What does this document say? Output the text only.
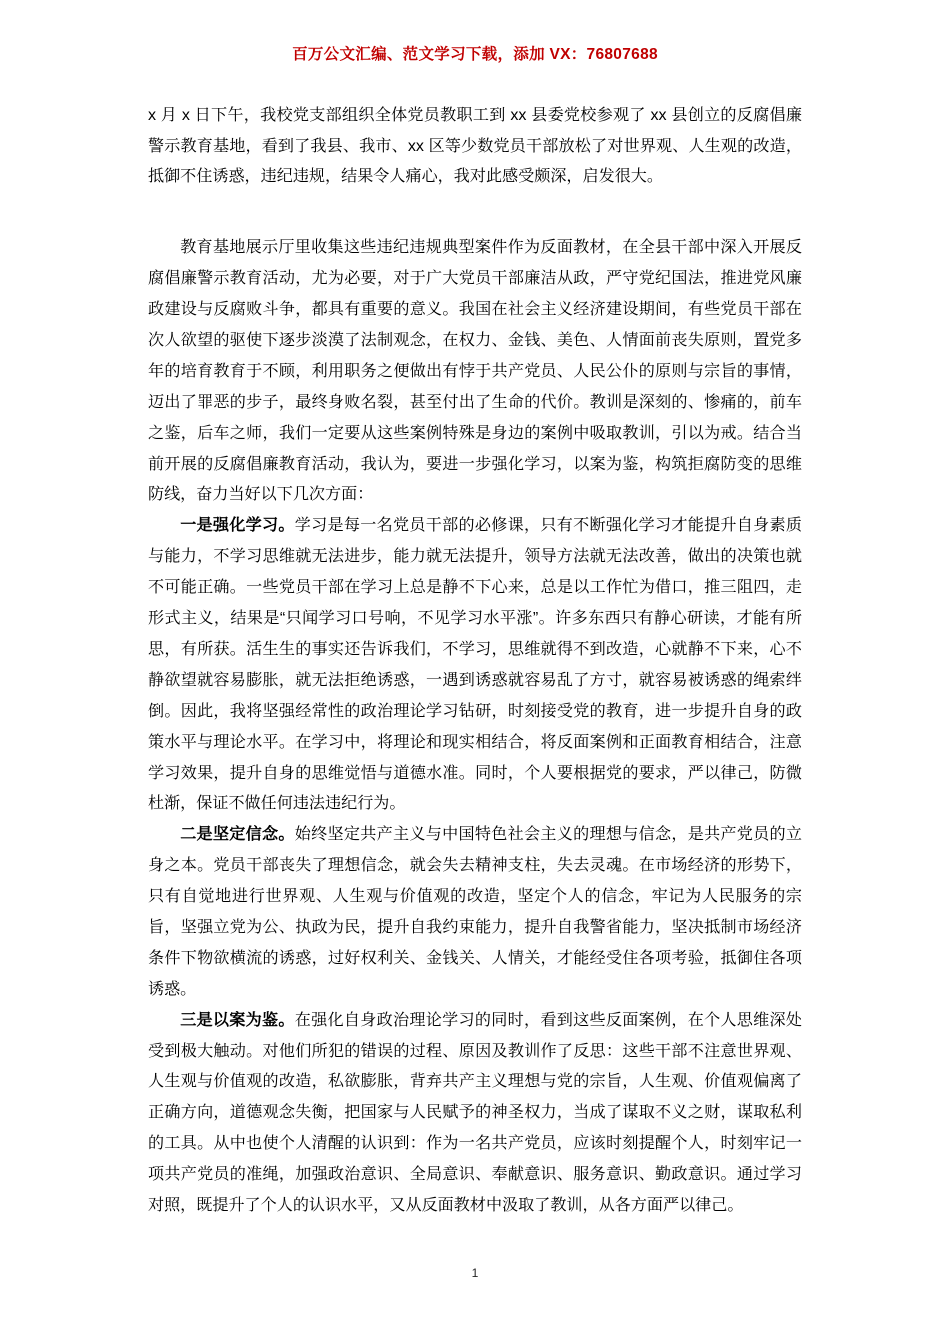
百万公文汇编、范文学习下载，添加 VX：76807688

x 月 x 日下午，我校党支部组织全体党员教职工到 xx 县委党校参观了 xx 县创立的反腐倡廉警示教育基地，看到了我县、我市、xx 区等少数党员干部放松了对世界观、人生观的改造，抵御不住诱惑，违纪违规，结果令人痛心，我对此感受颇深，启发很大。

教育基地展示厅里收集这些违纪违规典型案件作为反面教材，在全县干部中深入开展反腐倡廉警示教育活动，尤为必要，对于广大党员干部廉洁从政，严守党纪国法，推进党风廉政建设与反腐败斗争，都具有重要的意义。我国在社会主义经济建设期间，有些党员干部在次人欲望的驱使下逐步淡漠了法制观念，在权力、金钱、美色、人情面前丧失原则，置党多年的培育教育于不顾，利用职务之便做出有悖于共产党员、人民公仆的原则与宗旨的事情，迈出了罪恶的步子，最终身败名裂，甚至付出了生命的代价。教训是深刻的、惨痛的，前车之鉴，后车之师，我们一定要从这些案例特殊是身边的案例中吸取教训，引以为戒。结合当前开展的反腐倡廉教育活动，我认为，要进一步强化学习，以案为鉴，构筑拒腐防变的思维防线，奋力当好以下几次方面：

一是强化学习。学习是每一名党员干部的必修课，只有不断强化学习才能提升自身素质与能力，不学习思维就无法进步，能力就无法提升，领导方法就无法改善，做出的决策也就不可能正确。一些党员干部在学习上总是静不下心来，总是以工作忙为借口，推三阻四，走形式主义，结果是“只闻学习口号响，不见学习水平涨”。许多东西只有静心研读，才能有所思，有所获。活生生的事实还告诉我们，不学习，思维就得不到改造，心就静不下来，心不静欲望就容易膨胀，就无法拒绝诱惑，一遇到诱惑就容易乱了方寸，就容易被诱惑的绳索绊倒。因此，我将坚强经常性的政治理论学习钻研，时刻接受党的教育，进一步提升自身的政策水平与理论水平。在学习中，将理论和现实相结合，将反面案例和正面教育相结合，注意学习效果，提升自身的思维觉悟与道德水准。同时，个人要根据党的要求，严以律己，防微杜渐，保证不做任何违法违纪行为。

二是坚定信念。始终坚定共产主义与中国特色社会主义的理想与信念，是共产党员的立身之本。党员干部丧失了理想信念，就会失去精神支柱，失去灵魂。在市场经济的形势下，只有自觉地进行世界观、人生观与价值观的改造，坚定个人的信念，牢记为人民服务的宗旨，坚强立党为公、执政为民，提升自我约束能力，提升自我警省能力，坚决抵制市场经济条件下物欲横流的诱惑，过好权利关、金钱关、人情关，才能经受住各项考验，抵御住各项诱惑。

三是以案为鉴。在强化自身政治理论学习的同时，看到这些反面案例，在个人思维深处受到极大触动。对他们所犯的错误的过程、原因及教训作了反思：这些干部不注意世界观、人生观与价值观的改造，私欲膨胀，背弃共产主义理想与党的宗旨，人生观、价值观偏离了正确方向，道德观念失衡，把国家与人民赋予的神圣权力，当成了谋取不义之财，谋取私利的工具。从中也使个人清醒的认识到：作为一名共产党员，应该时刻提醒个人，时刻牢记一项共产党员的准绳，加强政治意识、全局意识、奉献意识、服务意识、勤政意识。通过学习对照，既提升了个人的认识水平，又从反面教材中汲取了教训，从各方面严以律己。

1
